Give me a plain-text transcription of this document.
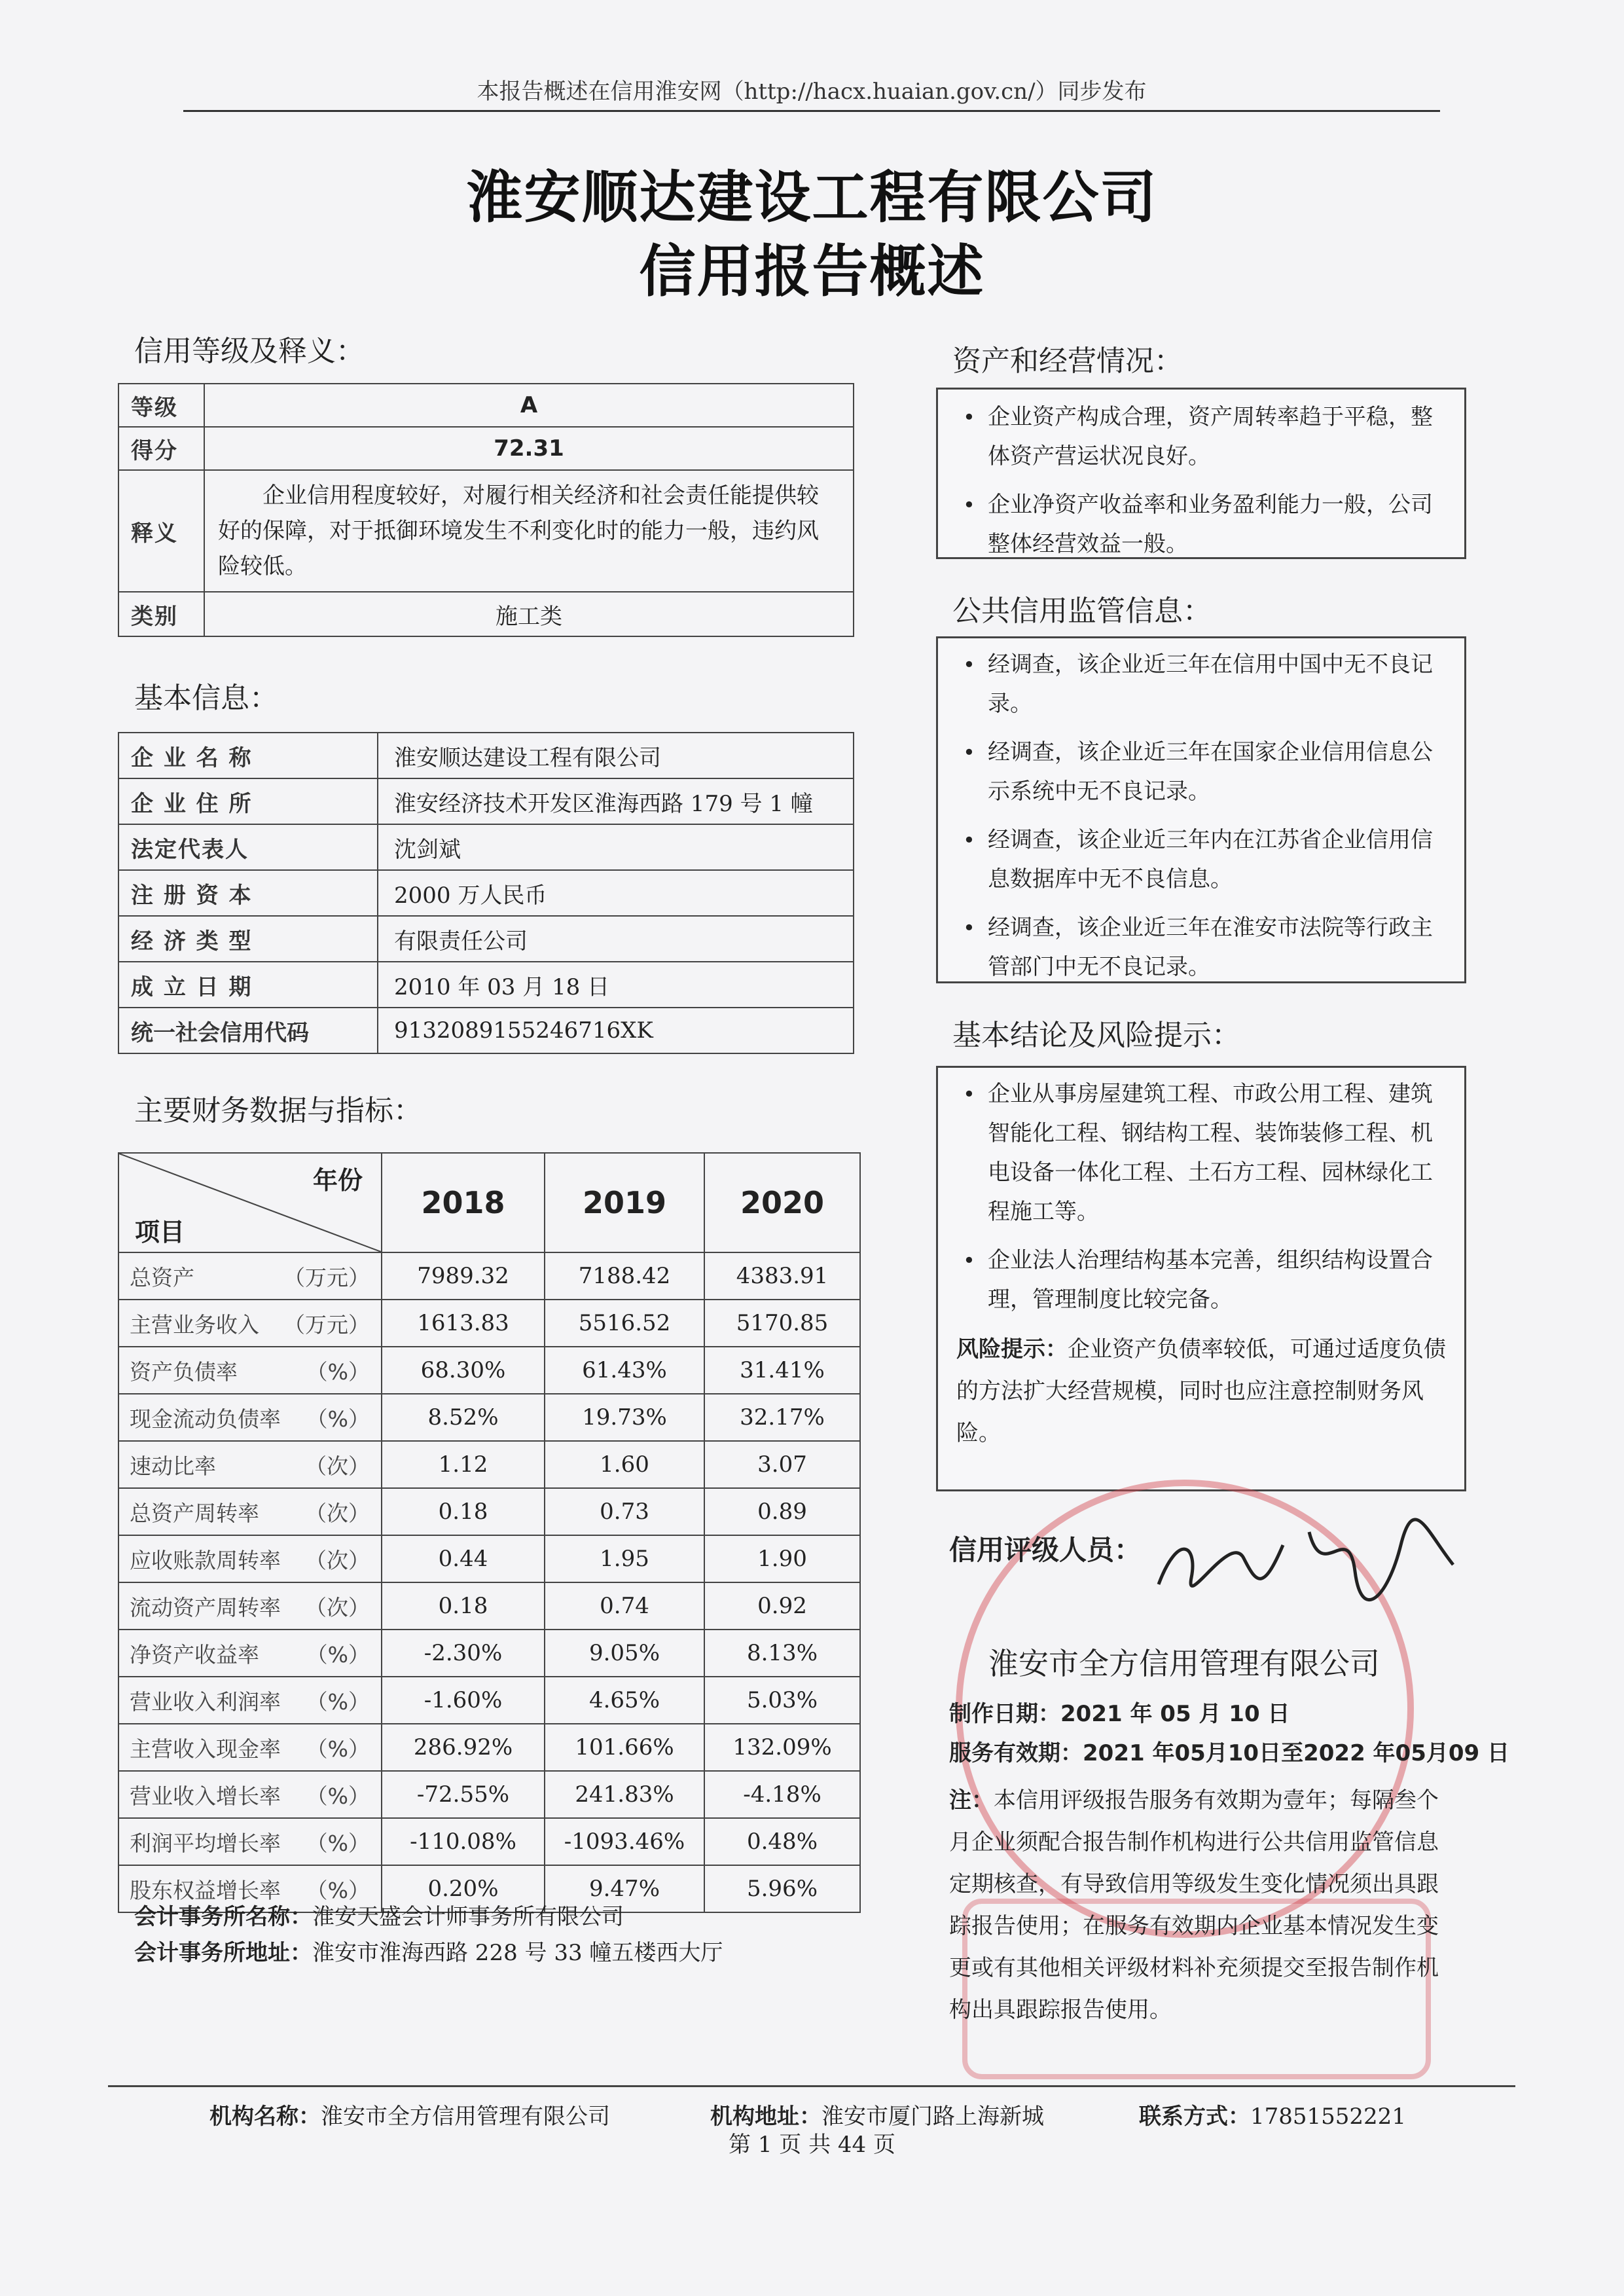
本报告概述在信用淮安网（http://hacx.huaian.gov.cn/）同步发布
淮安顺达建设工程有限公司
信用报告概述
信用等级及释义：
等级	A
得分	72.31
释义	企业信用程度较好，对履行相关经济和社会责任能提供较好的保障，对于抵御环境发生不利变化时的能力一般，违约风险较低。
类别	施工类
基本信息：
企 业 名 称	淮安顺达建设工程有限公司
企 业 住 所	淮安经济技术开发区淮海西路 179 号 1 幢
法定代表人	沈剑斌
注 册 资 本	2000 万人民币
经 济 类 型	有限责任公司
成 立 日 期	2010 年 03 月 18 日
统一社会信用代码	9132089155246716XK
主要财务数据与指标：
年份
项目	2018	2019	2020
总资产 （万元）	7989.32	7188.42	4383.91
主营业务收入 （万元）	1613.83	5516.52	5170.85
资产负债率 （%）	68.30%	61.43%	31.41%
现金流动负债率 （%）	8.52%	19.73%	32.17%
速动比率 （次）	1.12	1.60	3.07
总资产周转率 （次）	0.18	0.73	0.89
应收账款周转率 （次）	0.44	1.95	1.90
流动资产周转率 （次）	0.18	0.74	0.92
净资产收益率 （%）	-2.30%	9.05%	8.13%
营业收入利润率 （%）	-1.60%	4.65%	5.03%
主营收入现金率 （%）	286.92%	101.66%	132.09%
营业收入增长率 （%）	-72.55%	241.83%	-4.18%
利润平均增长率 （%）	-110.08%	-1093.46%	0.48%
股东权益增长率 （%）	0.20%	9.47%	5.96%
会计事务所名称：淮安天盛会计师事务所有限公司
会计事务所地址：淮安市淮海西路 228 号 33 幢五楼西大厅
资产和经营情况：
• 企业资产构成合理，资产周转率趋于平稳，整体资产营运状况良好。
• 企业净资产收益率和业务盈利能力一般，公司整体经营效益一般。
公共信用监管信息：
• 经调查，该企业近三年在信用中国中无不良记录。
• 经调查，该企业近三年在国家企业信用信息公示系统中无不良记录。
• 经调查，该企业近三年内在江苏省企业信用信息数据库中无不良信息。
• 经调查，该企业近三年在淮安市法院等行政主管部门中无不良记录。
基本结论及风险提示：
• 企业从事房屋建筑工程、市政公用工程、建筑智能化工程、钢结构工程、装饰装修工程、机电设备一体化工程、土石方工程、园林绿化工程施工等。
• 企业法人治理结构基本完善，组织结构设置合理，管理制度比较完备。
风险提示：企业资产负债率较低，可通过适度负债的方法扩大经营规模，同时也应注意控制财务风险。
信用评级人员：
淮安市全方信用管理有限公司
制作日期：2021 年 05 月 10 日
服务有效期：2021 年05月10日至2022 年05月09 日
注：本信用评级报告服务有效期为壹年；每隔叁个月企业须配合报告制作机构进行公共信用监管信息定期核查，有导致信用等级发生变化情况须出具跟踪报告使用；在服务有效期内企业基本情况发生变更或有其他相关评级材料补充须提交至报告制作机构出具跟踪报告使用。
机构名称：淮安市全方信用管理有限公司	机构地址：淮安市厦门路上海新城	联系方式：17851552221
第 1 页 共 44 页
